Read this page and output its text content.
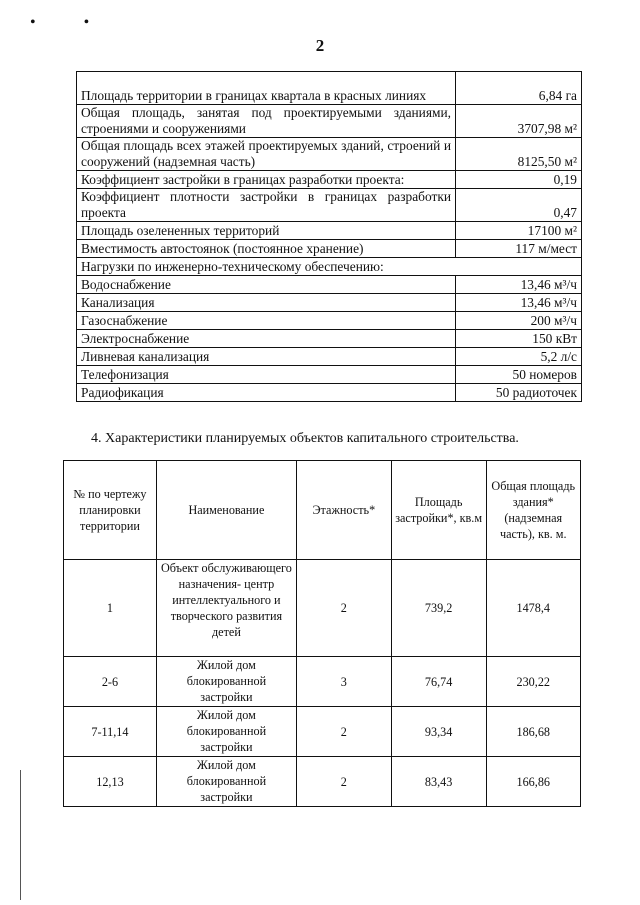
• •
2
Площадь территории в границах квартала в красных линиях	6,84 га
Общая площадь, занятая под проектируемыми зданиями, строениями и сооружениями	3707,98 м²
Общая площадь всех этажей проектируемых зданий, строений и сооружений (надземная часть)	8125,50 м²
Коэффициент застройки в границах разработки проекта:	0,19
Коэффициент плотности застройки в границах разработки проекта	0,47
Площадь озелененных территорий	17100 м²
Вместимость автостоянок (постоянное хранение)	117 м/мест
Нагрузки по инженерно-техническому обеспечению:	
Водоснабжение	13,46 м³/ч
Канализация	13,46 м³/ч
Газоснабжение	200 м³/ч
Электроснабжение	150 кВт
Ливневая канализация	5,2 л/с
Телефонизация	50 номеров
Радиофикация	50 радиоточек
4. Характеристики планируемых объектов капитального строительства.
№ по чертежу планировки территории	Наименование	Этажность*	Площадь застройки*, кв.м	Общая площадь здания* (надземная часть), кв. м.
1	Объект обслуживающего назначения- центр интеллектуального и творческого развития детей	2	739,2	1478,4
2-6	Жилой дом блокированной застройки	3	76,74	230,22
7-11,14	Жилой дом блокированной застройки	2	93,34	186,68
12,13	Жилой дом блокированной застройки	2	83,43	166,86
